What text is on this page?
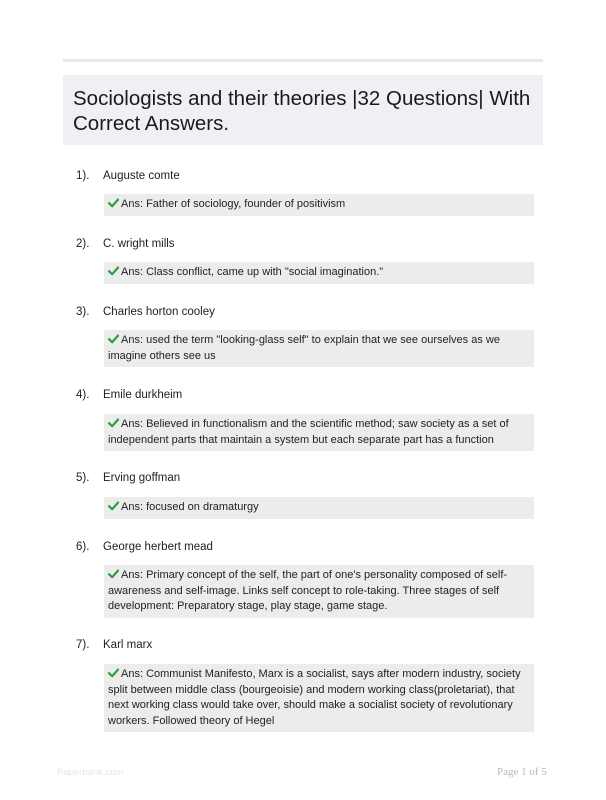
Sociologists and their theories |32 Questions| With Correct Answers.
1). Auguste comte
Ans: Father of sociology, founder of positivism
2). C. wright mills
Ans: Class conflict, came up with "social imagination."
3). Charles horton cooley
Ans: used the term "looking-glass self" to explain that we see ourselves as we imagine others see us
4). Emile durkheim
Ans: Believed in functionalism and the scientific method; saw society as a set of independent parts that maintain a system but each separate part has a function
5). Erving goffman
Ans: focused on dramaturgy
6). George herbert mead
Ans: Primary concept of the self, the part of one's personality composed of self-awareness and self-image. Links self concept to role-taking. Three stages of self development: Preparatory stage, play stage, game stage.
7). Karl marx
Ans: Communist Manifesto, Marx is a socialist, says after modern industry, society split between middle class (bourgeoisie) and modern working class(proletariat), that next working class would take over, should make a socialist society of revolutionary workers. Followed theory of Hegel
Paperbank.com	Page 1 of 5
